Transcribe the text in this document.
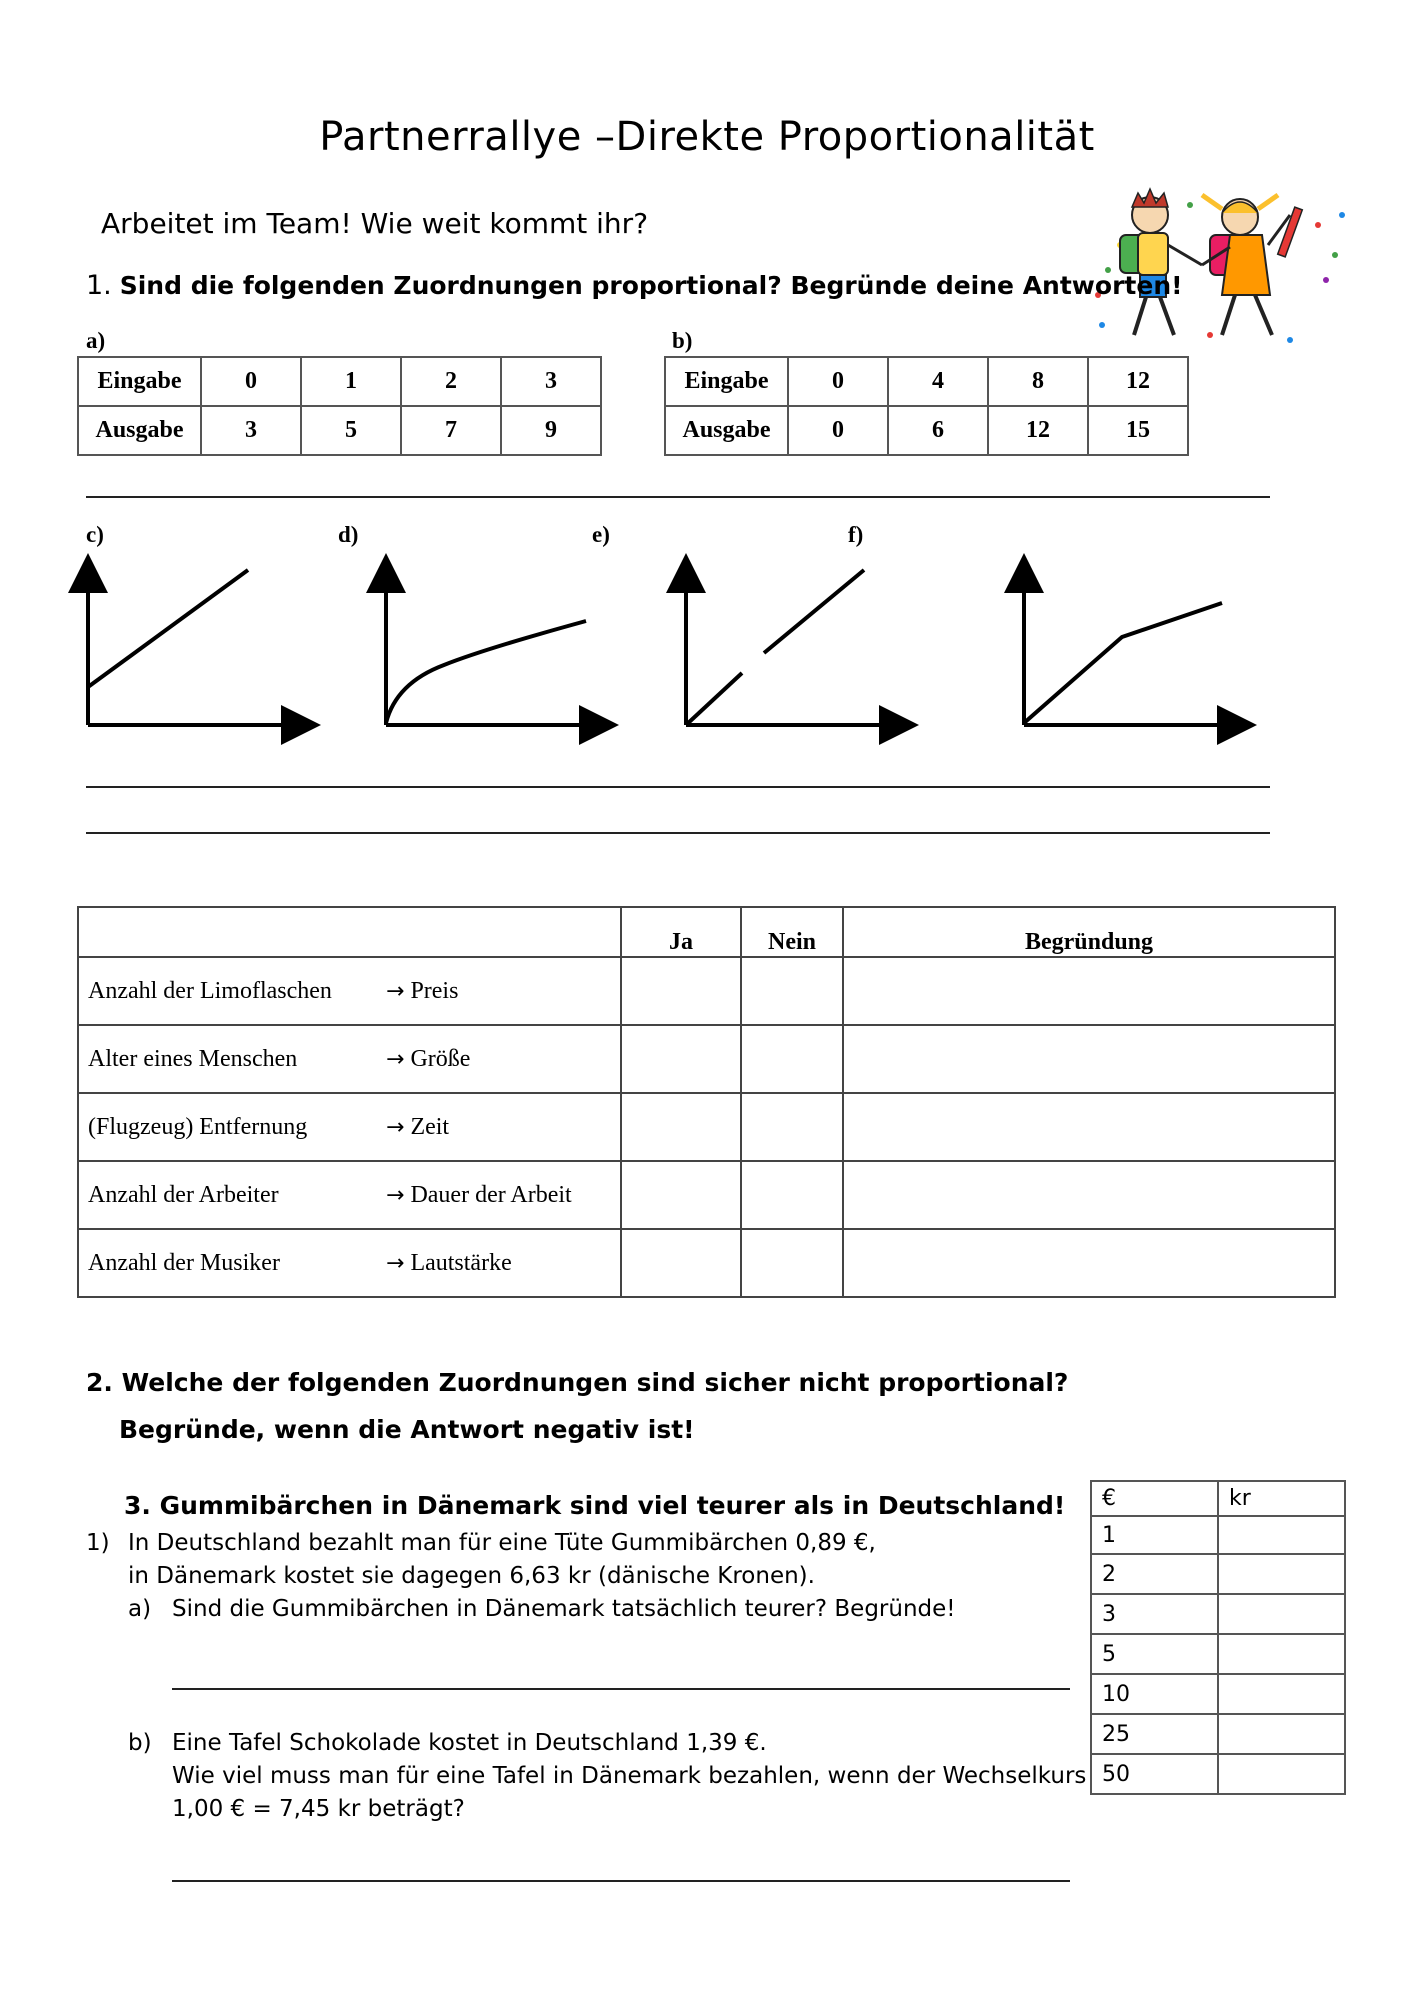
Partnerrallye –Direkte Proportionalität
Arbeitet im Team! Wie weit kommt ihr?
1. Sind die folgenden Zuordnungen proportional? Begründe deine Antworten!
a)	b)
Eingabe	0	1	2	3
Ausgabe	3	5	7	9
Eingabe	0	4	8	12
Ausgabe	0	6	12	15
c)	d)	e)	f)
	Ja	Nein	Begründung
Anzahl der Limoflaschen → Preis			
Alter eines Menschen → Größe			
(Flugzeug) Entfernung → Zeit			
Anzahl der Arbeiter → Dauer der Arbeit			
Anzahl der Musiker → Lautstärke			
2. Welche der folgenden Zuordnungen sind sicher nicht proportional?
Begründe, wenn die Antwort negativ ist!
3. Gummibärchen in Dänemark sind viel teurer als in Deutschland!
1) In Deutschland bezahlt man für eine Tüte Gummibärchen 0,89 €,
in Dänemark kostet sie dagegen 6,63 kr (dänische Kronen).
a) Sind die Gummibärchen in Dänemark tatsächlich teurer? Begründe!
b) Eine Tafel Schokolade kostet in Deutschland 1,39 €.
Wie viel muss man für eine Tafel in Dänemark bezahlen, wenn der Wechselkurs
1,00 € = 7,45 kr beträgt?
€	kr
1	
2	
3	
5	
10	
25	
50	
